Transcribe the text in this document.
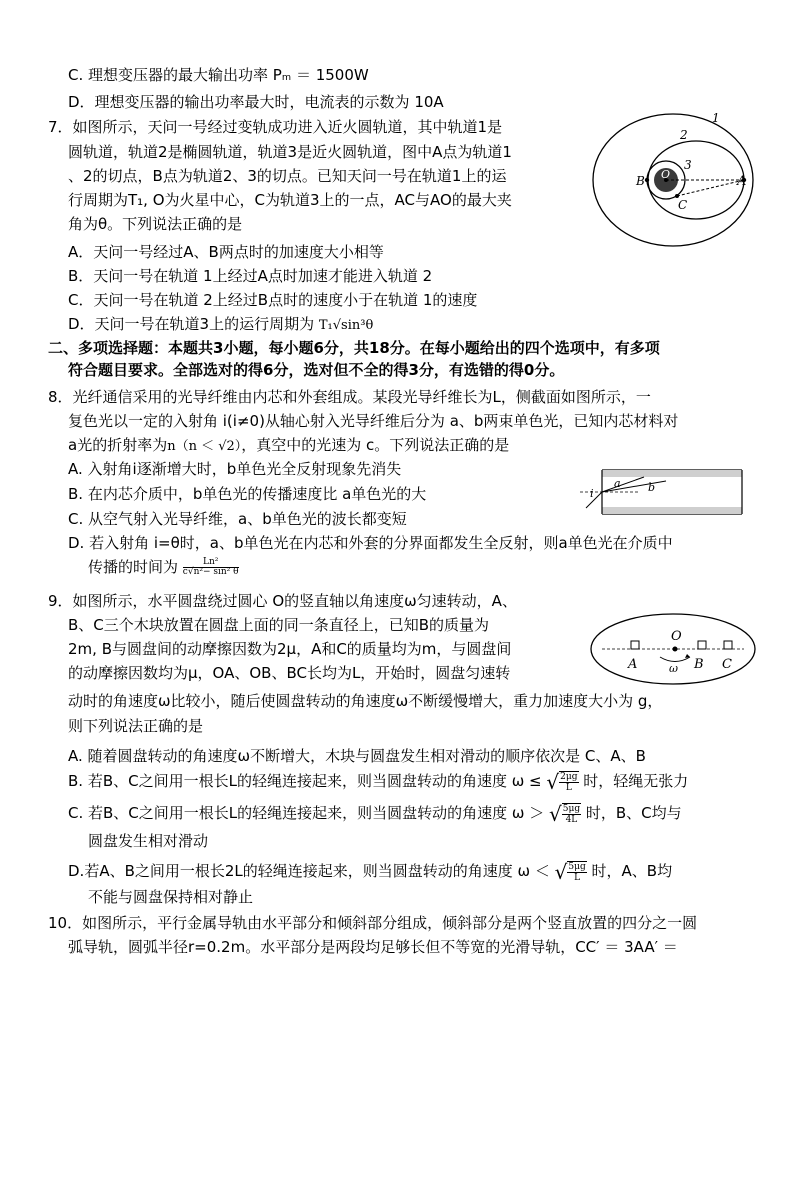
C. 理想变压器的最大输出功率 Pₘ ＝ 1500W
D．理想变压器的输出功率最大时，电流表的示数为 10A
7．如图所示，天问一号经过变轨成功进入近火圆轨道，其中轨道1是
圆轨道，轨道2是椭圆轨道，轨道3是近火圆轨道，图中A点为轨道1
、2的切点，B点为轨道2、3的切点。已知天问一号在轨道1上的运
行周期为T₁, O为火星中心，C为轨道3上的一点，AC与AO的最大夹
角为θ。下列说法正确的是
A．天问一号经过A、B两点时的加速度大小相等
B．天问一号在轨道 1上经过A点时加速才能进入轨道 2
C．天问一号在轨道 2上经过B点时的速度小于在轨道 1的速度
D．天问一号在轨道3上的运行周期为 T₁√sin³θ
二、多项选择题：本题共3小题，每小题6分，共18分。在每小题给出的四个选项中，有多项
符合题目要求。全部选对的得6分，选对但不全的得3分，有选错的得0分。
8．光纤通信采用的光导纤维由内芯和外套组成。某段光导纤维长为L，侧截面如图所示，一
复色光以一定的入射角 i(i≠0)从轴心射入光导纤维后分为 a、b两束单色光，已知内芯材料对
a光的折射率为n（n ＜ √2），真空中的光速为 c。下列说法正确的是
A. 入射角i逐渐增大时，b单色光全反射现象先消失
B. 在内芯介质中，b单色光的传播速度比 a单色光的大
C. 从空气射入光导纤维，a、b单色光的波长都变短
D. 若入射角 i=θ时，a、b单色光在内芯和外套的分界面都发生全反射，则a单色光在介质中
传播的时间为 $\frac{\text{Ln²}}{\text{c√n²− sin² θ}}$
9．如图所示，水平圆盘绕过圆心 O的竖直轴以角速度ω匀速转动，A、
B、C三个木块放置在圆盘上面的同一条直径上，已知B的质量为
2m, B与圆盘间的动摩擦因数为2μ，A和C的质量均为m，与圆盘间
的动摩擦因数均为μ，OA、OB、BC长均为L，开始时，圆盘匀速转
动时的角速度ω比较小，随后使圆盘转动的角速度ω不断缓慢增大，重力加速度大小为 g，
则下列说法正确的是
A. 随着圆盘转动的角速度ω不断增大，木块与圆盘发生相对滑动的顺序依次是 C、A、B
B. 若B、C之间用一根长L的轻绳连接起来，则当圆盘转动的角速度 ω ≤ √ $\frac{2\mu g}{L}$ 时，轻绳无张力
C. 若B、C之间用一根长L的轻绳连接起来，则当圆盘转动的角速度 ω ＞ √ $\frac{5\mu g}{4L}$ 时，B、C均与
圆盘发生相对滑动
D.若A、B之间用一根长2L的轻绳连接起来，则当圆盘转动的角速度 ω ＜ √ $\frac{5\mu g}{L}$ 时，A、B均
不能与圆盘保持相对静止
10．如图所示，平行金属导轨由水平部分和倾斜部分组成，倾斜部分是两个竖直放置的四分之一圆
弧导轨，圆弧半径r=0.2m。水平部分是两段均足够长但不等宽的光滑导轨，CC′ ＝ 3AA′ ＝
1
2
3
A
B O
C
i
a b
O
A	ω B C
